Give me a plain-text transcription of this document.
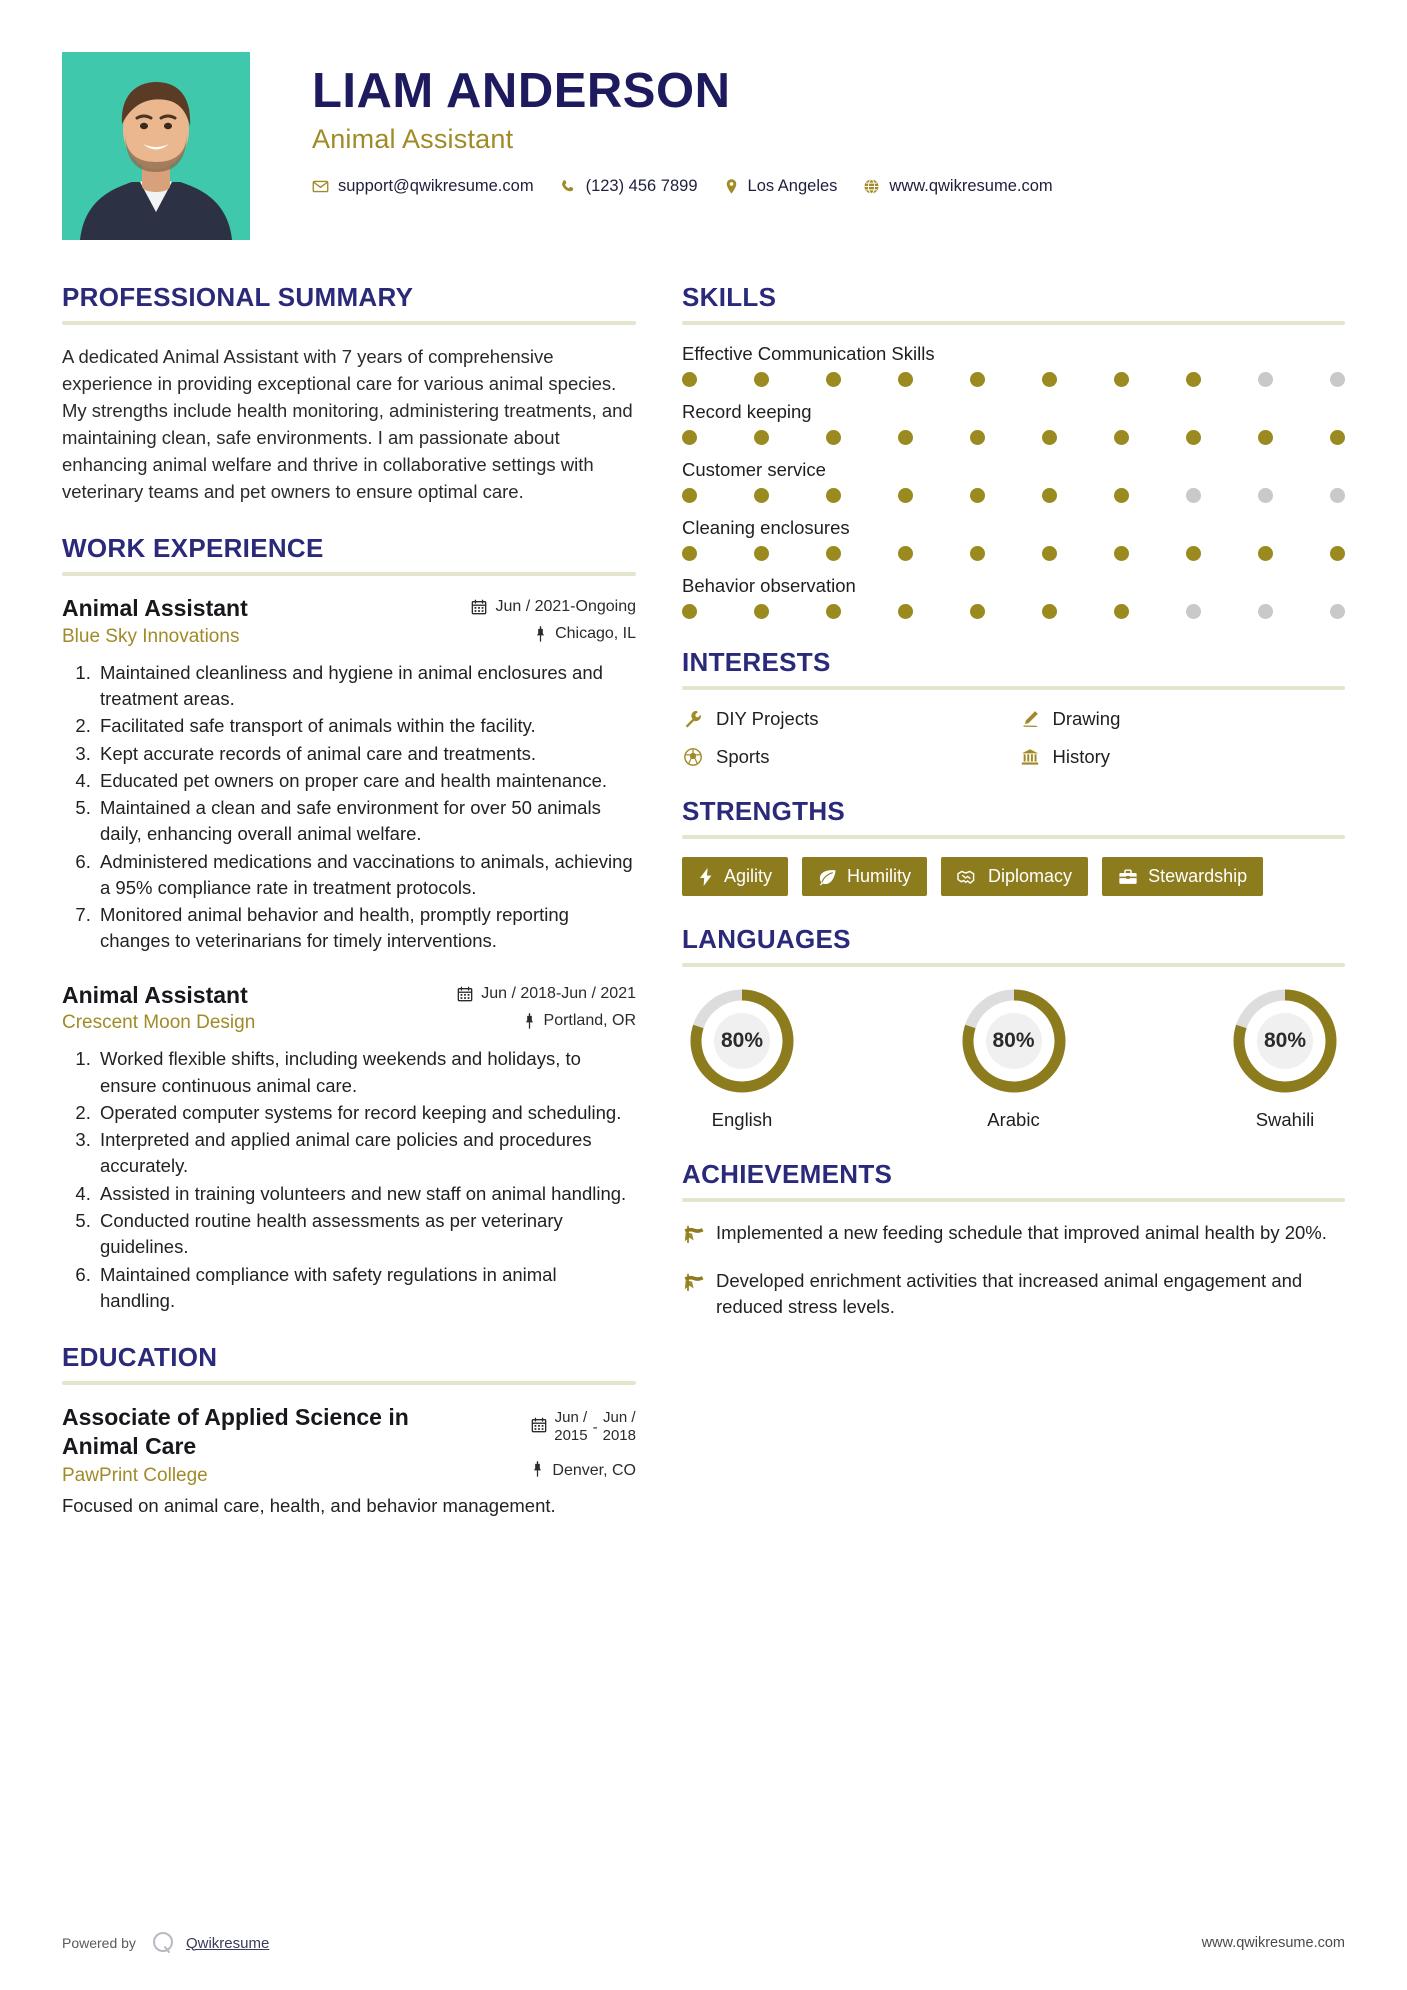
LIAM ANDERSON
Animal Assistant
support@qwikresume.com	(123) 456 7899	Los Angeles	www.qwikresume.com
PROFESSIONAL SUMMARY
A dedicated Animal Assistant with 7 years of comprehensive experience in providing exceptional care for various animal species. My strengths include health monitoring, administering treatments, and maintaining clean, safe environments. I am passionate about enhancing animal welfare and thrive in collaborative settings with veterinary teams and pet owners to ensure optimal care.
WORK EXPERIENCE
Animal Assistant
Blue Sky Innovations
Jun / 2021-Ongoing
Chicago, IL
1. Maintained cleanliness and hygiene in animal enclosures and treatment areas.
2. Facilitated safe transport of animals within the facility.
3. Kept accurate records of animal care and treatments.
4. Educated pet owners on proper care and health maintenance.
5. Maintained a clean and safe environment for over 50 animals daily, enhancing overall animal welfare.
6. Administered medications and vaccinations to animals, achieving a 95% compliance rate in treatment protocols.
7. Monitored animal behavior and health, promptly reporting changes to veterinarians for timely interventions.
Animal Assistant
Crescent Moon Design
Jun / 2018-Jun / 2021
Portland, OR
1. Worked flexible shifts, including weekends and holidays, to ensure continuous animal care.
2. Operated computer systems for record keeping and scheduling.
3. Interpreted and applied animal care policies and procedures accurately.
4. Assisted in training volunteers and new staff on animal handling.
5. Conducted routine health assessments as per veterinary guidelines.
6. Maintained compliance with safety regulations in animal handling.
EDUCATION
Associate of Applied Science in Animal Care
Jun /
2015 -
Jun /
2018
PawPrint College	Denver, CO
Focused on animal care, health, and behavior management.
SKILLS
Effective Communication Skills
Record keeping
Customer service
Cleaning enclosures
Behavior observation
INTERESTS
DIY Projects	Drawing
Sports	History
STRENGTHS
Agility	Humility	Diplomacy	Stewardship
LANGUAGES
80%
English
80%
Arabic
80%
Swahili
ACHIEVEMENTS
Implemented a new feeding schedule that improved animal health by 20%.
Developed enrichment activities that increased animal engagement and reduced stress levels.
Powered by	Qwikresume	www.qwikresume.com
